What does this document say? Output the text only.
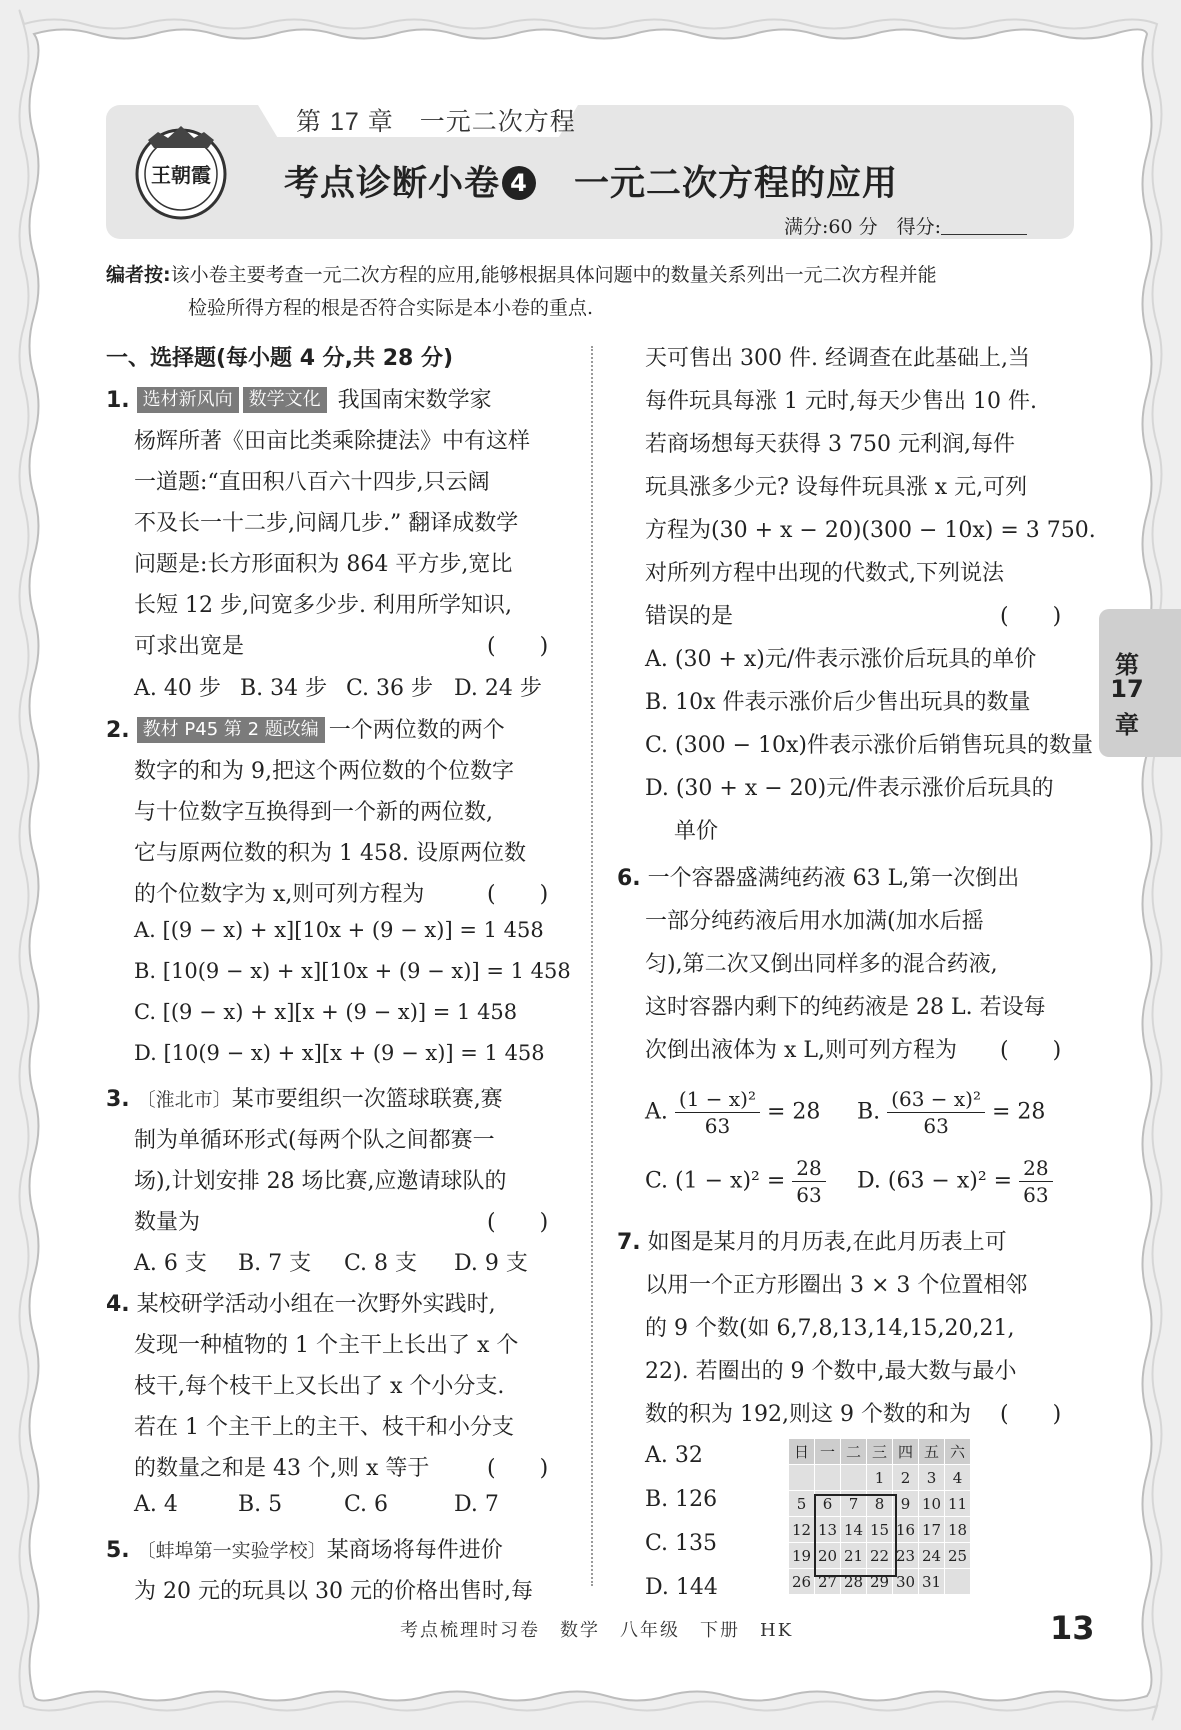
第 17 章　一元二次方程
考点诊断小卷 4　 一元二次方程的应用
满分:60 分　 得分:
王朝霞
编者按:该小卷主要考查一元二次方程的应用,能够根据具体问题中的数量关系列出一元二次方程并能
检验所得方程的根是否符合实际是本小卷的重点.
一、选择题(每小题 4 分,共 28 分)
1. 选材新风向 数学文化 我国南宋数学家
杨辉所著《田亩比类乘除捷法》中有这样
一道题:“直田积八百六十四步,只云阔
不及长一十二步,问阔几步.” 翻译成数学
问题是:长方形面积为 864 平方步,宽比
长短 12 步,问宽多少步. 利用所学知识,
可求出宽是	(　　)
A. 40 步 B. 34 步 C. 36 步 D. 24 步
2. 教材 P45 第 2 题改编 一个两位数的两个
数字的和为 9,把这个两位数的个位数字
与十位数字互换得到一个新的两位数,
它与原两位数的积为 1 458. 设原两位数
的个位数字为 x,则可列方程为	(　　)
A. [(9 − x) + x][10x + (9 − x)] = 1 458
B. [10(9 − x) + x][10x + (9 − x)] = 1 458
C. [(9 − x) + x][x + (9 − x)] = 1 458
D. [10(9 − x) + x][x + (9 − x)] = 1 458
3. 〔淮北市〕某市要组织一次篮球联赛,赛
制为单循环形式(每两个队之间都赛一
场),计划安排 28 场比赛,应邀请球队的
数量为	(　　)
A. 6 支 B. 7 支 C. 8 支 D. 9 支
4. 某校研学活动小组在一次野外实践时,
发现一种植物的 1 个主干上长出了 x 个
枝干,每个枝干上又长出了 x 个小分支.
若在 1 个主干上的主干、枝干和小分支
的数量之和是 43 个,则 x 等于	(　　)
A. 4	B. 5	C. 6	D. 7
5. 〔蚌埠第一实验学校〕某商场将每件进价
为 20 元的玩具以 30 元的价格出售时,每
天可售出 300 件. 经调查在此基础上,当
每件玩具每涨 1 元时,每天少售出 10 件.
若商场想每天获得 3 750 元利润,每件
玩具涨多少元? 设每件玩具涨 x 元,可列
方程为(30 + x − 20)(300 − 10x) = 3 750.
对所列方程中出现的代数式,下列说法
错误的是	(　　)
A. (30 + x)元/件表示涨价后玩具的单价
B. 10x 件表示涨价后少售出玩具的数量
C. (300 − 10x)件表示涨价后销售玩具的数量
D. (30 + x − 20)元/件表示涨价后玩具的
单价
6. 一个容器盛满纯药液 63 L,第一次倒出
一部分纯药液后用水加满(加水后摇
匀),第二次又倒出同样多的混合药液,
这时容器内剩下的纯药液是 28 L. 若设每
次倒出液体为 x L,则可列方程为 (　　)
A. $\frac{\text{(1 − x)²}}{63} = 28$ B. $\frac{\text{(63 − x)²}}{63} = 28$
C. $(1 - x)^2 = \frac{28}{63} D$. $(63 - x)^2 = \frac{28}{63}$
7. 如图是某月的月历表,在此月历表上可
以用一个正方形圈出 3 × 3 个位置相邻
的 9 个数(如 6,7,8,13,14,15,20,21,
22). 若圈出的 9 个数中,最大数与最小
数的积为 192,则这 9 个数的和为 (　　)
A. 32
B. 126
C. 135
D. 144
日	一	二	三	四	五	六
			1	2	3	4
5	6	7	8	9	10	11
12	13	14	15	16	17	18
19	20	21	22	23	24	25
26	27	28	29	30	31	
第
17
章
考点梳理时习卷　数学　八年级　下册　HK	13
